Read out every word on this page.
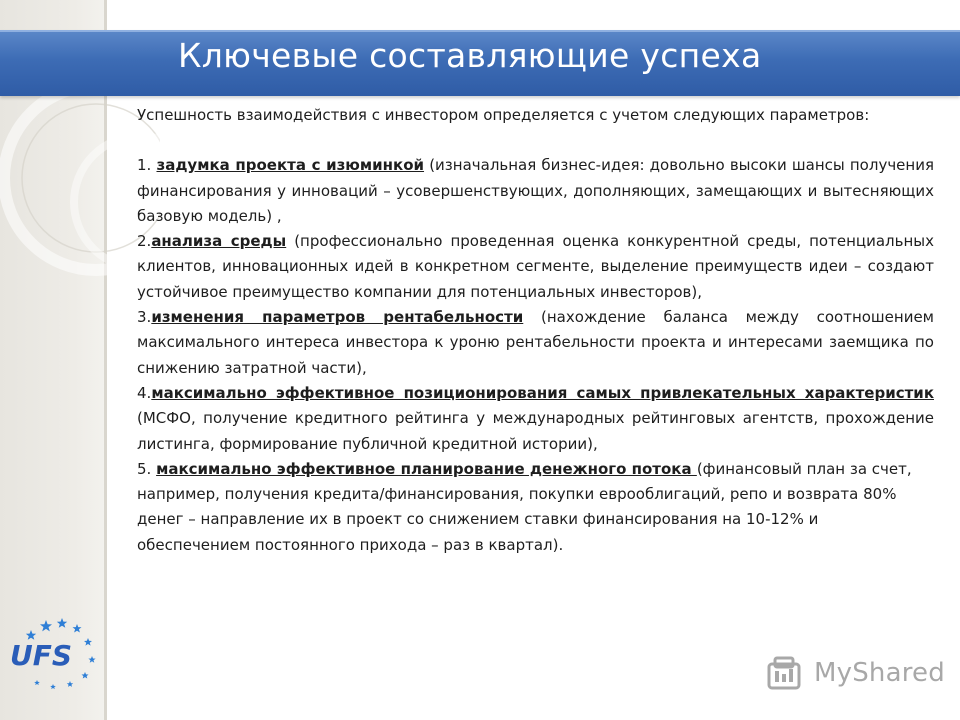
Ключевые составляющие успеха

Успешность взаимодействия с инвестором определяется с учетом следующих параметров:

1. задумка проекта с изюминкой (изначальная бизнес-идея: довольно высоки шансы получения финансирования у инноваций – усовершенствующих, дополняющих, замещающих и вытесняющих базовую модель) ,

2.анализа среды (профессионально проведенная оценка конкурентной среды, потенциальных клиентов, инновационных идей в конкретном сегменте, выделение преимуществ идеи – создают устойчивое преимущество компании для потенциальных инвесторов),

3.изменения параметров рентабельности (нахождение баланса между соотношением максимального интереса инвестора к уроню рентабельности проекта и интересами заемщика по снижению затратной части),

4.максимально эффективное позиционирования самых привлекательных характеристик (МСФО, получение кредитного рейтинга у международных рейтинговых агентств, прохождение листинга, формирование публичной кредитной истории),

5. максимально эффективное планирование денежного потока (финансовый план за счет, например, получения кредита/финансирования, покупки еврооблигаций, репо и возврата 80% денег – направление их в проект со снижением ставки финансирования на 10-12% и обеспечением постоянного прихода – раз в квартал).

UFS
MyShared
